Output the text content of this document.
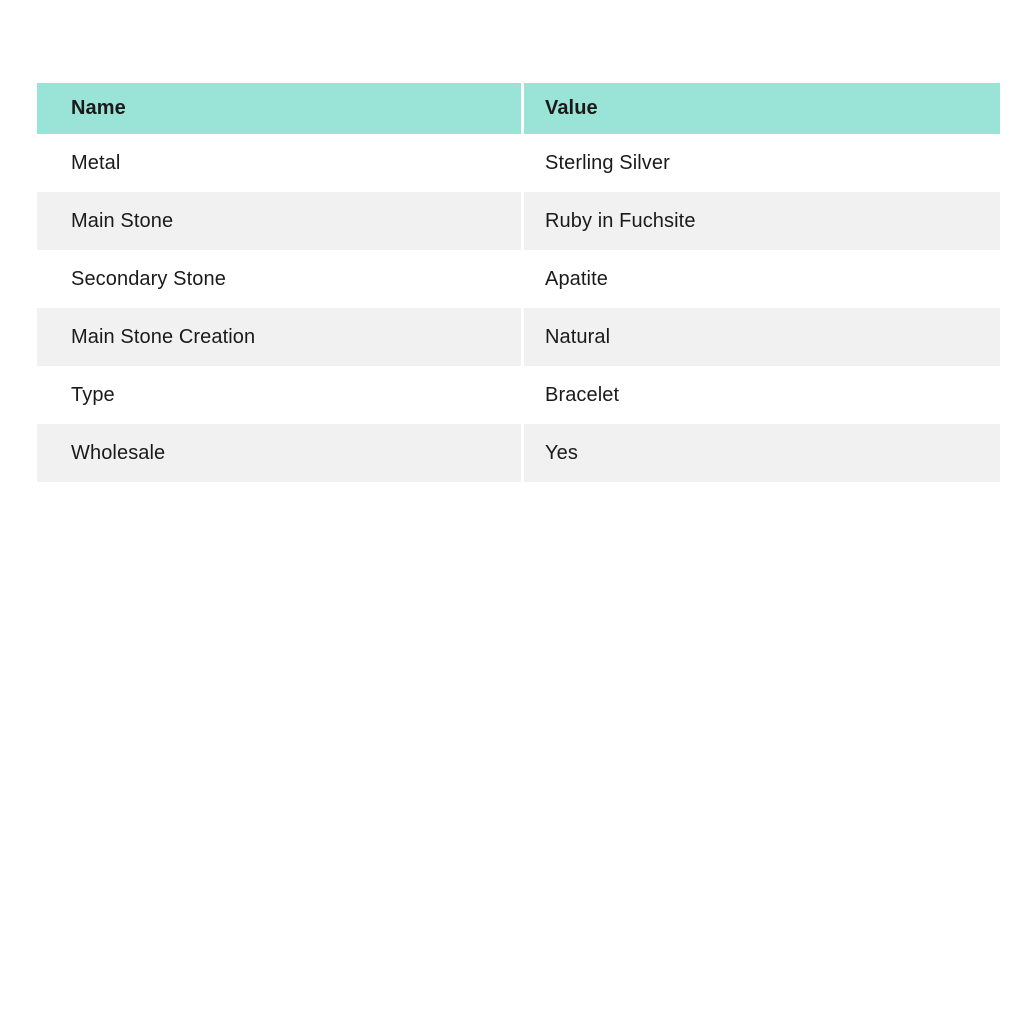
Name	Value
Metal	Sterling Silver
Main Stone	Ruby in Fuchsite
Secondary Stone	Apatite
Main Stone Creation	Natural
Type	Bracelet
Wholesale	Yes
